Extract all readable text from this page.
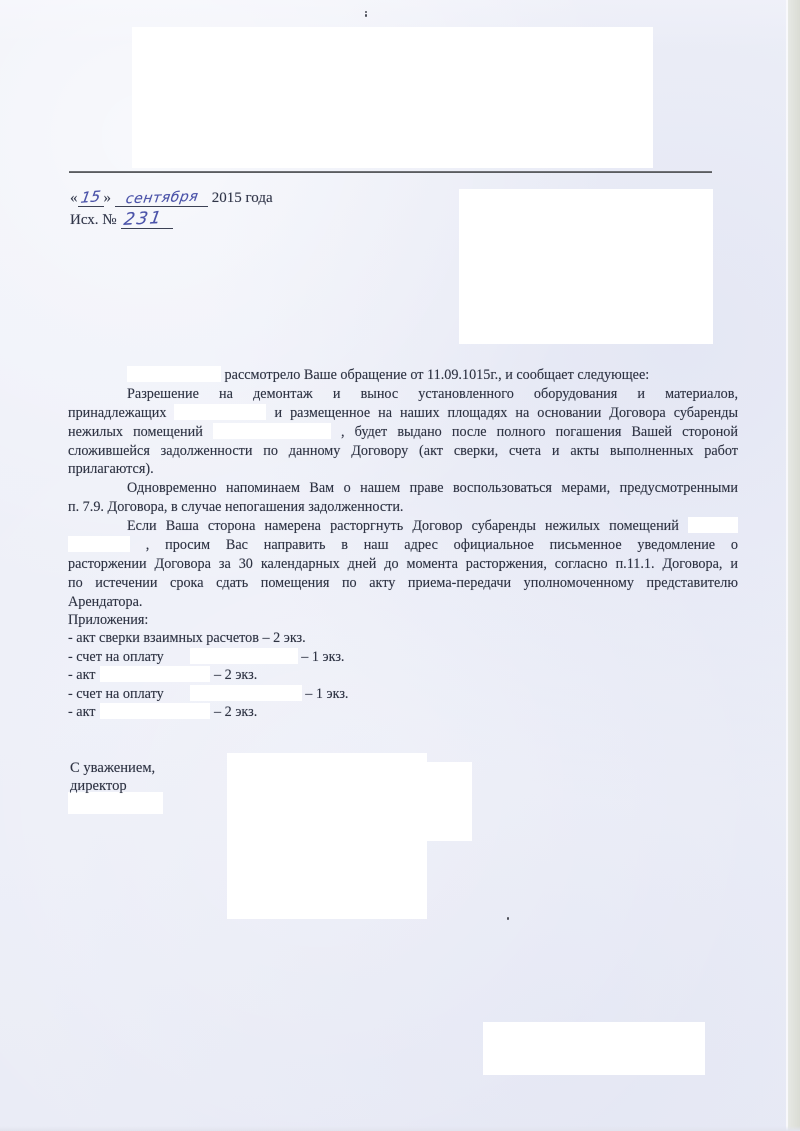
« 15 » сентября 2015 года
Исх. № 231
рассмотрело Ваше обращение от 11.09.1015г., и сообщает следующее:
Разрешение на демонтаж и вынос установленного оборудования и материалов,
принадлежащих	и размещенное на наших площадях на основании Договора субаренды
нежилых помещений	, будет выдано после полного погашения Вашей стороной
сложившейся задолженности по данному Договору (акт сверки, счета и акты выполненных работ
прилагаются).
Одновременно напоминаем Вам о нашем праве воспользоваться мерами, предусмотренными
п. 7.9. Договора, в случае непогашения задолженности.
Если Ваша сторона намерена расторгнуть Договор субаренды нежилых помещений
, просим Вас направить в наш адрес официальное письменное уведомление о
расторжении Договора за 30 календарных дней до момента расторжения, согласно п.11.1. Договора, и
по истечении срока сдать помещения по акту приема-передачи уполномоченному представителю
Арендатора.
Приложения:
- акт сверки взаимных расчетов – 2 экз.
- счет на оплату	– 1 экз.
- акт	– 2 экз.
- счет на оплату	– 1 экз.
- акт	– 2 экз.
С уважением,
директор
